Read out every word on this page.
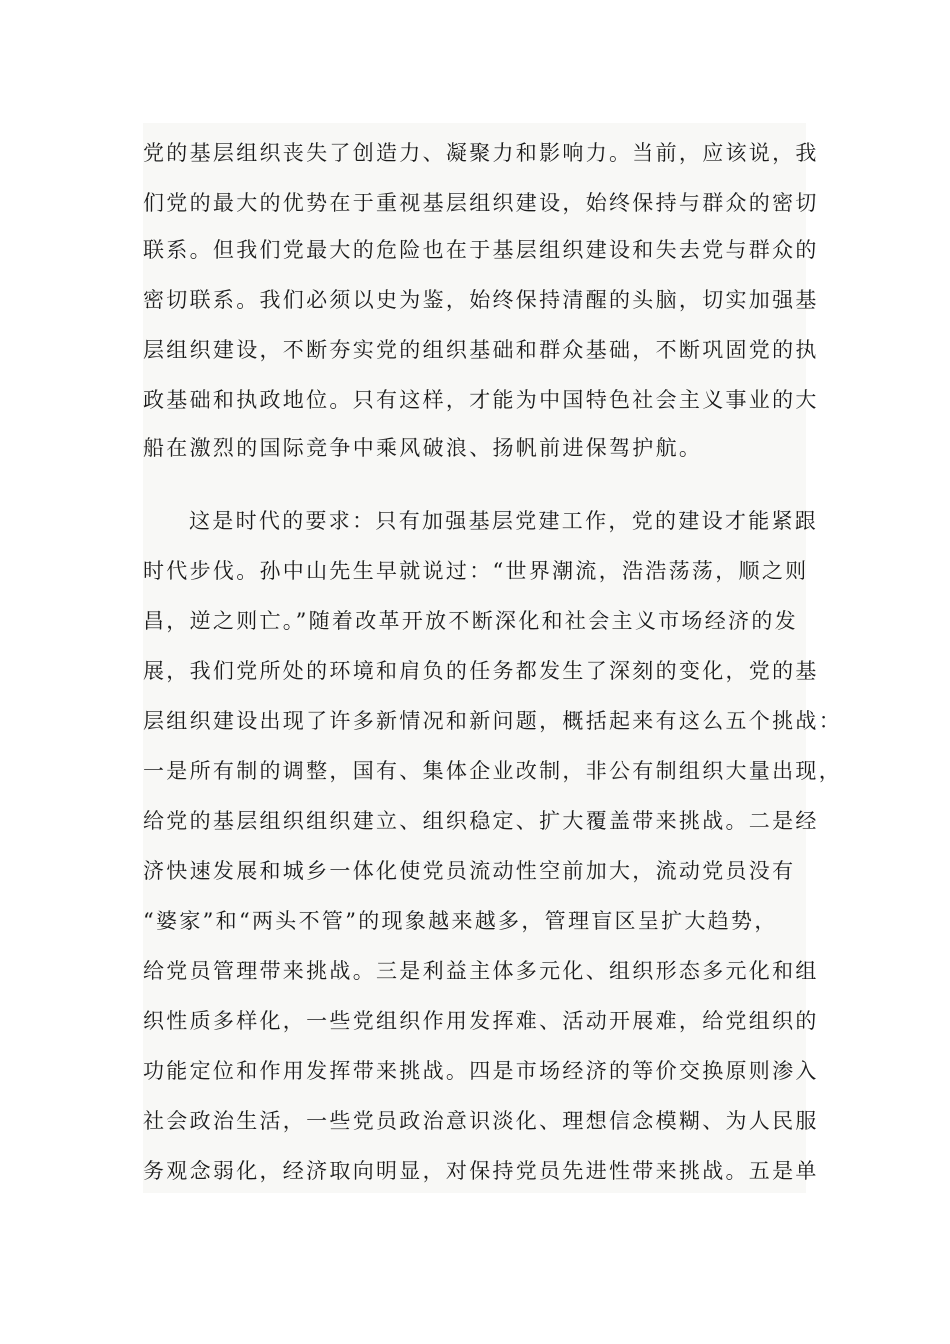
党的基层组织丧失了创造力、凝聚力和影响力。当前，应该说，我
们党的最大的优势在于重视基层组织建设，始终保持与群众的密切
联系。但我们党最大的危险也在于基层组织建设和失去党与群众的
密切联系。我们必须以史为鉴，始终保持清醒的头脑，切实加强基
层组织建设，不断夯实党的组织基础和群众基础，不断巩固党的执
政基础和执政地位。只有这样，才能为中国特色社会主义事业的大
船在激烈的国际竞争中乘风破浪、扬帆前进保驾护航。
这是时代的要求：只有加强基层党建工作，党的建设才能紧跟
时代步伐。孙中山先生早就说过：“世界潮流，浩浩荡荡，顺之则
昌，逆之则亡。”随着改革开放不断深化和社会主义市场经济的发
展，我们党所处的环境和肩负的任务都发生了深刻的变化，党的基
层组织建设出现了许多新情况和新问题，概括起来有这么五个挑战：
一是所有制的调整，国有、集体企业改制，非公有制组织大量出现，
给党的基层组织组织建立、组织稳定、扩大覆盖带来挑战。二是经
济快速发展和城乡一体化使党员流动性空前加大，流动党员没有
“婆家”和“两头不管”的现象越来越多，管理盲区呈扩大趋势，
给党员管理带来挑战。三是利益主体多元化、组织形态多元化和组
织性质多样化，一些党组织作用发挥难、活动开展难，给党组织的
功能定位和作用发挥带来挑战。四是市场经济的等价交换原则渗入
社会政治生活，一些党员政治意识淡化、理想信念模糊、为人民服
务观念弱化，经济取向明显，对保持党员先进性带来挑战。五是单
